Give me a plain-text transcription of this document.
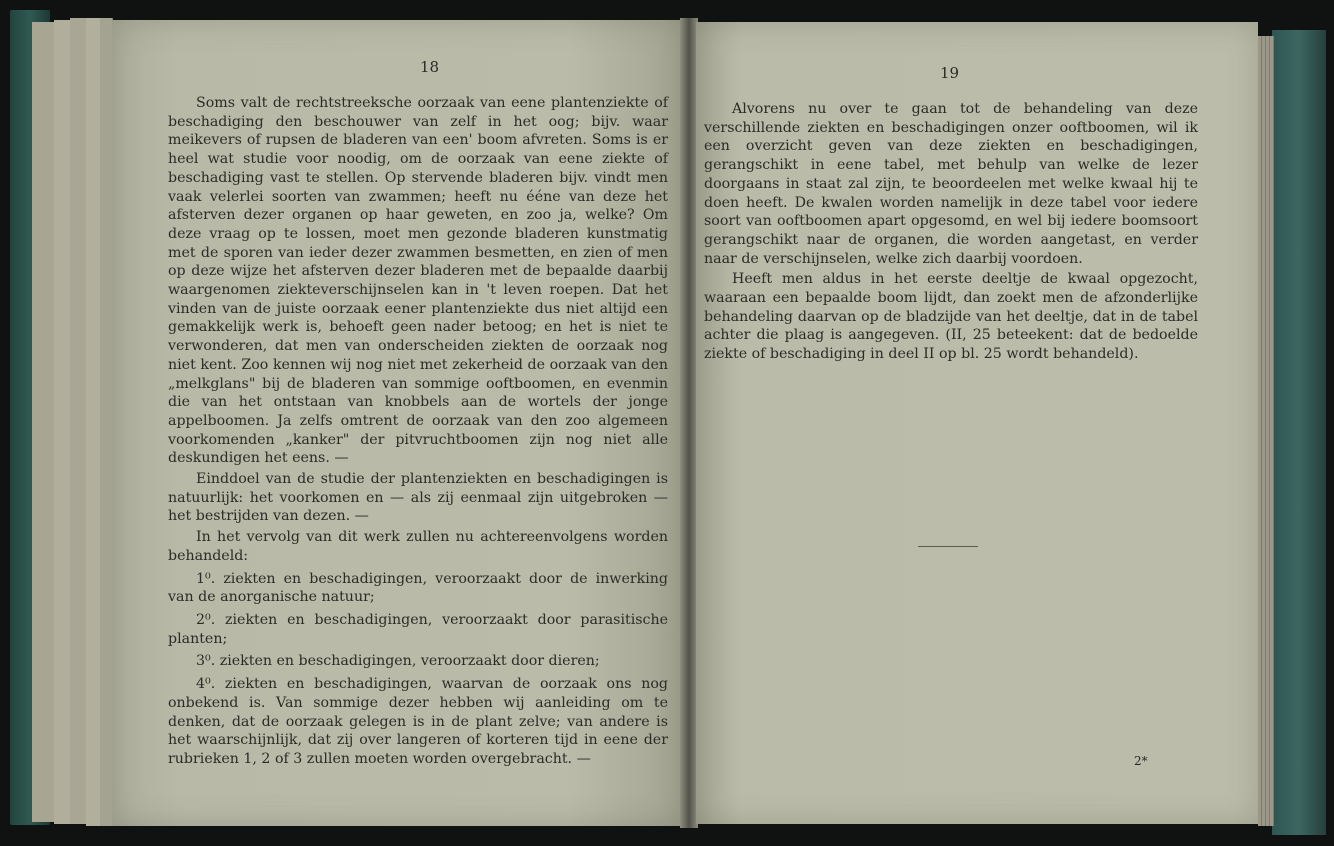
18

Soms valt de rechtstreeksche oorzaak van eene plantenziekte of beschadiging den beschouwer van zelf in het oog; bijv. waar meikevers of rupsen de bladeren van een' boom afvreten. Soms is er heel wat studie voor noodig, om de oorzaak van eene ziekte of beschadiging vast te stellen. Op stervende bladeren bijv. vindt men vaak velerlei soorten van zwammen; heeft nu ééne van deze het afsterven dezer organen op haar geweten, en zoo ja, welke? Om deze vraag op te lossen, moet men gezonde bladeren kunstmatig met de sporen van ieder dezer zwammen besmetten, en zien of men op deze wijze het afsterven dezer bladeren met de bepaalde daarbij waargenomen ziekteverschijnselen kan in 't leven roepen. Dat het vinden van de juiste oorzaak eener plantenziekte dus niet altijd een gemakkelijk werk is, behoeft geen nader betoog; en het is niet te verwonderen, dat men van onderscheiden ziekten de oorzaak nog niet kent. Zoo kennen wij nog niet met zekerheid de oorzaak van den „melkglans" bij de bladeren van sommige ooftboomen, en evenmin die van het ontstaan van knobbels aan de wortels der jonge appelboomen. Ja zelfs omtrent de oorzaak van den zoo algemeen voorkomenden „kanker" der pitvruchtboomen zijn nog niet alle deskundigen het eens. —

Einddoel van de studie der plantenziekten en beschadigingen is natuurlijk: het voorkomen en — als zij eenmaal zijn uitgebroken — het bestrijden van dezen. —

In het vervolg van dit werk zullen nu achtereenvolgens worden behandeld:

1⁰. ziekten en beschadigingen, veroorzaakt door de inwerking van de anorganische natuur;

2⁰. ziekten en beschadigingen, veroorzaakt door parasitische planten;

3⁰. ziekten en beschadigingen, veroorzaakt door dieren;

4⁰. ziekten en beschadigingen, waarvan de oorzaak ons nog onbekend is. Van sommige dezer hebben wij aanleiding om te denken, dat de oorzaak gelegen is in de plant zelve; van andere is het waarschijnlijk, dat zij over langeren of korteren tijd in eene der rubrieken 1, 2 of 3 zullen moeten worden overgebracht. —

19

Alvorens nu over te gaan tot de behandeling van deze verschillende ziekten en beschadigingen onzer ooftboomen, wil ik een overzicht geven van deze ziekten en beschadigingen, gerangschikt in eene tabel, met behulp van welke de lezer doorgaans in staat zal zijn, te beoordeelen met welke kwaal hij te doen heeft. De kwalen worden namelijk in deze tabel voor iedere soort van ooftboomen apart opgesomd, en wel bij iedere boomsoort gerangschikt naar de organen, die worden aangetast, en verder naar de verschijnselen, welke zich daarbij voordoen.

Heeft men aldus in het eerste deeltje de kwaal opgezocht, waaraan een bepaalde boom lijdt, dan zoekt men de afzonderlijke behandeling daarvan op de bladzijde van het deeltje, dat in de tabel achter die plaag is aangegeven. (II, 25 beteekent: dat de bedoelde ziekte of beschadiging in deel II op bl. 25 wordt behandeld).

2*
